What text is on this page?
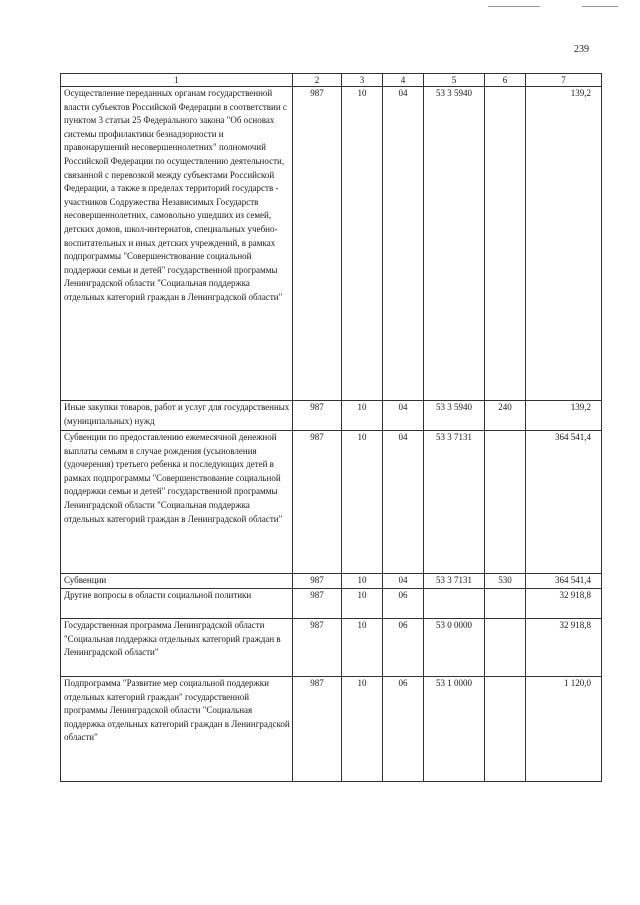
239
1	2	3	4	5	6	7
Осуществление переданных органам государственной власти субъектов Российской Федерации в соответствии с пунктом 3 статьи 25 Федерального закона "Об основах системы профилактики безнадзорности и правонарушений несовершеннолетних" полномочий Российской Федерации по осуществлению деятельности, связанной с перевозкой между субъектами Российской Федерации, а также в пределах территорий государств - участников Содружества Независимых Государств несовершеннолетних, самовольно ушедших из семей, детских домов, школ-интернатов, специальных учебно-воспитательных и иных детских учреждений, в рамках подпрограммы "Совершенствование социальной поддержки семьи и детей" государственной программы Ленинградской области "Социальная поддержка отдельных категорий граждан в Ленинградской области"	987	10	04	53 3 5940		139,2
Иные закупки товаров, работ и услуг для государственных (муниципальных) нужд	987	10	04	53 3 5940	240	139,2
Субвенции по предоставлению ежемесячной денежной выплаты семьям в случае рождения (усыновления (удочерения) третьего ребенка и последующих детей в рамках подпрограммы "Совершенствование социальной поддержки семьи и детей" государственной программы Ленинградской области "Социальная поддержка отдельных категорий граждан в Ленинградской области"	987	10	04	53 3 7131		364 541,4
Субвенции	987	10	04	53 3 7131	530	364 541,4
Другие вопросы в области социальной политики	987	10	06			32 918,8
Государственная программа Ленинградской области "Социальная поддержка отдельных категорий граждан в Ленинградской области"	987	10	06	53 0 0000		32 918,8
Подпрограмма "Развитие мер социальной поддержки отдельных категорий граждан" государственной программы Ленинградской области "Социальная поддержка отдельных категорий граждан в Ленинградской области"	987	10	06	53 1 0000		1 120,0
